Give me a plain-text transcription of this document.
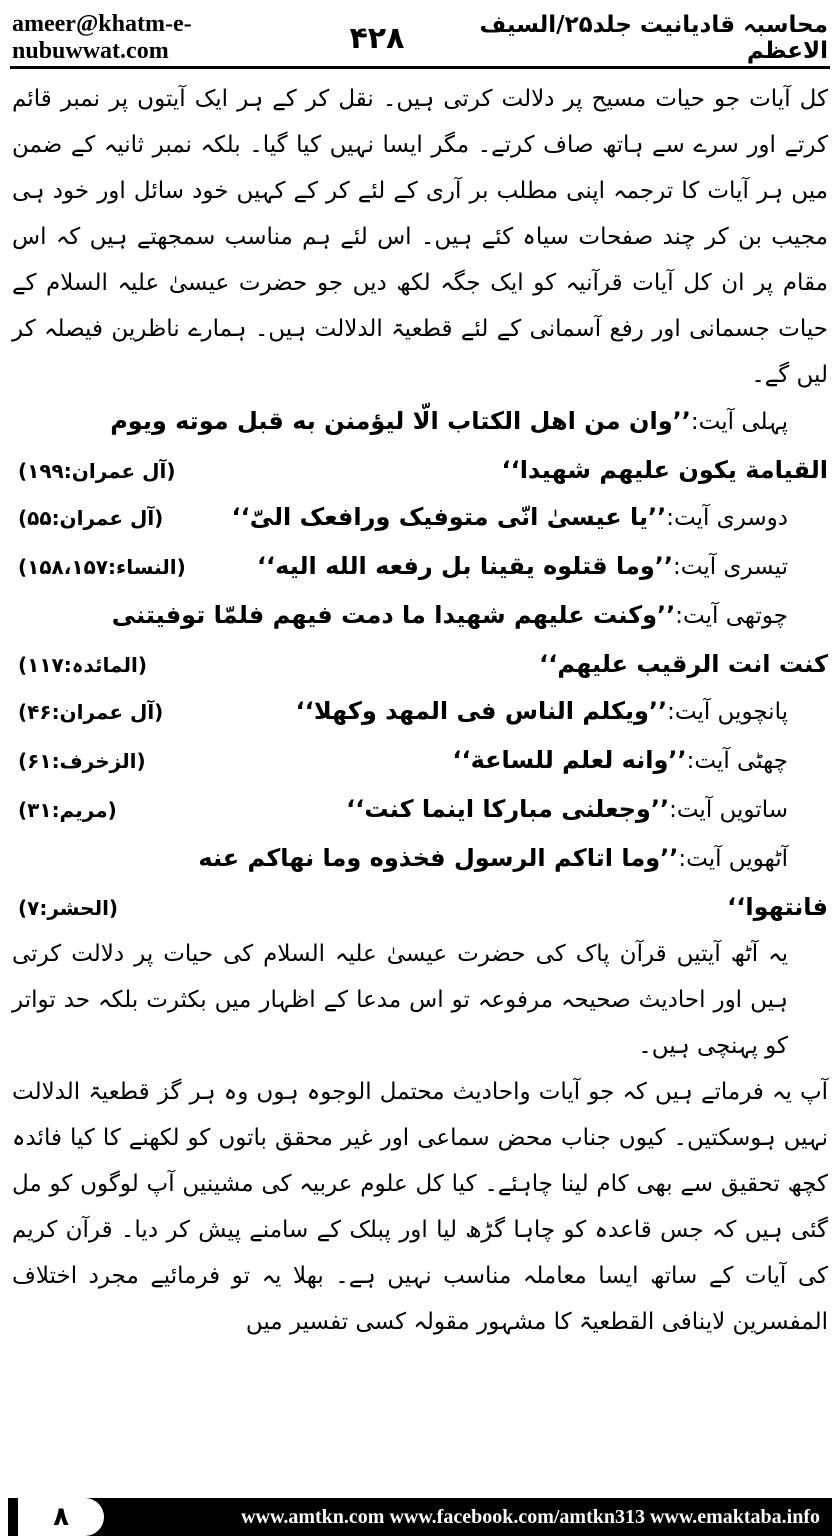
ameer@khatm-e-nubuwwat.com	۴۲۸	محاسبہ قادیانیت جلد۲۵/السیف الاعظم

کل آیات جو حیات مسیح پر دلالت کرتی ہیں۔ نقل کر کے ہر ایک آیتوں پر نمبر قائم کرتے اور سرے سے ہاتھ صاف کرتے۔ مگر ایسا نہیں کیا گیا۔ بلکہ نمبر ثانیہ کے ضمن میں ہر آیات کا ترجمہ اپنی مطلب بر آری کے لئے کر کے کہیں خود سائل اور خود ہی مجیب بن کر چند صفحات سیاہ کئے ہیں۔ اس لئے ہم مناسب سمجھتے ہیں کہ اس مقام پر ان کل آیات قرآنیہ کو ایک جگہ لکھ دیں جو حضرت عیسیٰ علیہ السلام کے حیات جسمانی اور رفع آسمانی کے لئے قطعیۃ الدلالت ہیں۔ ہمارے ناظرین فیصلہ کر لیں گے۔

پہلی آیت:’’وان من اهل الکتاب الّا لیؤمنن به قبل موته ویوم
القیامة یکون علیهم شهیدا‘‘
(آل عمران:۱۹۹)
دوسری آیت:’’یا عیسیٰ انّی متوفیک ورافعک الیّ‘‘
(آل عمران:۵۵)
تیسری آیت:’’وما قتلوه یقینا بل رفعه الله الیه‘‘
(النساء:۱۵۸،۱۵۷)
چوتھی آیت:’’وکنت علیهم شهیدا ما دمت فیهم فلمّا توفیتنی
کنت انت الرقیب علیهم‘‘
(المائدہ:۱۱۷)
پانچویں آیت:’’ویکلم الناس فی المهد وکهلا‘‘
(آل عمران:۴۶)
چھٹی آیت:’’وانه لعلم للساعة‘‘
(الزخرف:۶۱)
ساتویں آیت:’’وجعلنی مبارکا اینما کنت‘‘
(مریم:۳۱)
آٹھویں آیت:’’وما اتاکم الرسول فخذوه وما نهاکم عنه
فانتهوا‘‘
(الحشر:۷)

یہ آٹھ آیتیں قرآن پاک کی حضرت عیسیٰ علیہ السلام کی حیات پر دلالت کرتی ہیں اور احادیث صحیحہ مرفوعہ تو اس مدعا کے اظہار میں بکثرت بلکہ حد تواتر کو پہنچی ہیں۔

آپ یہ فرماتے ہیں کہ جو آیات واحادیث محتمل الوجوہ ہوں وہ ہر گز قطعیۃ الدلالت نہیں ہوسکتیں۔ کیوں جناب محض سماعی اور غیر محقق باتوں کو لکھنے کا کیا فائدہ کچھ تحقیق سے بھی کام لینا چاہئے۔ کیا کل علوم عربیہ کی مشینیں آپ لوگوں کو مل گئی ہیں کہ جس قاعدہ کو چاہا گڑھ لیا اور پبلک کے سامنے پیش کر دیا۔ قرآن کریم کی آیات کے ساتھ ایسا معاملہ مناسب نہیں ہے۔ بھلا یہ تو فرمائیے مجرد اختلاف المفسرین لاینافی القطعیۃ کا مشہور مقولہ کسی تفسیر میں

۸	www.amtkn.com www.facebook.com/amtkn313 www.emaktaba.info
